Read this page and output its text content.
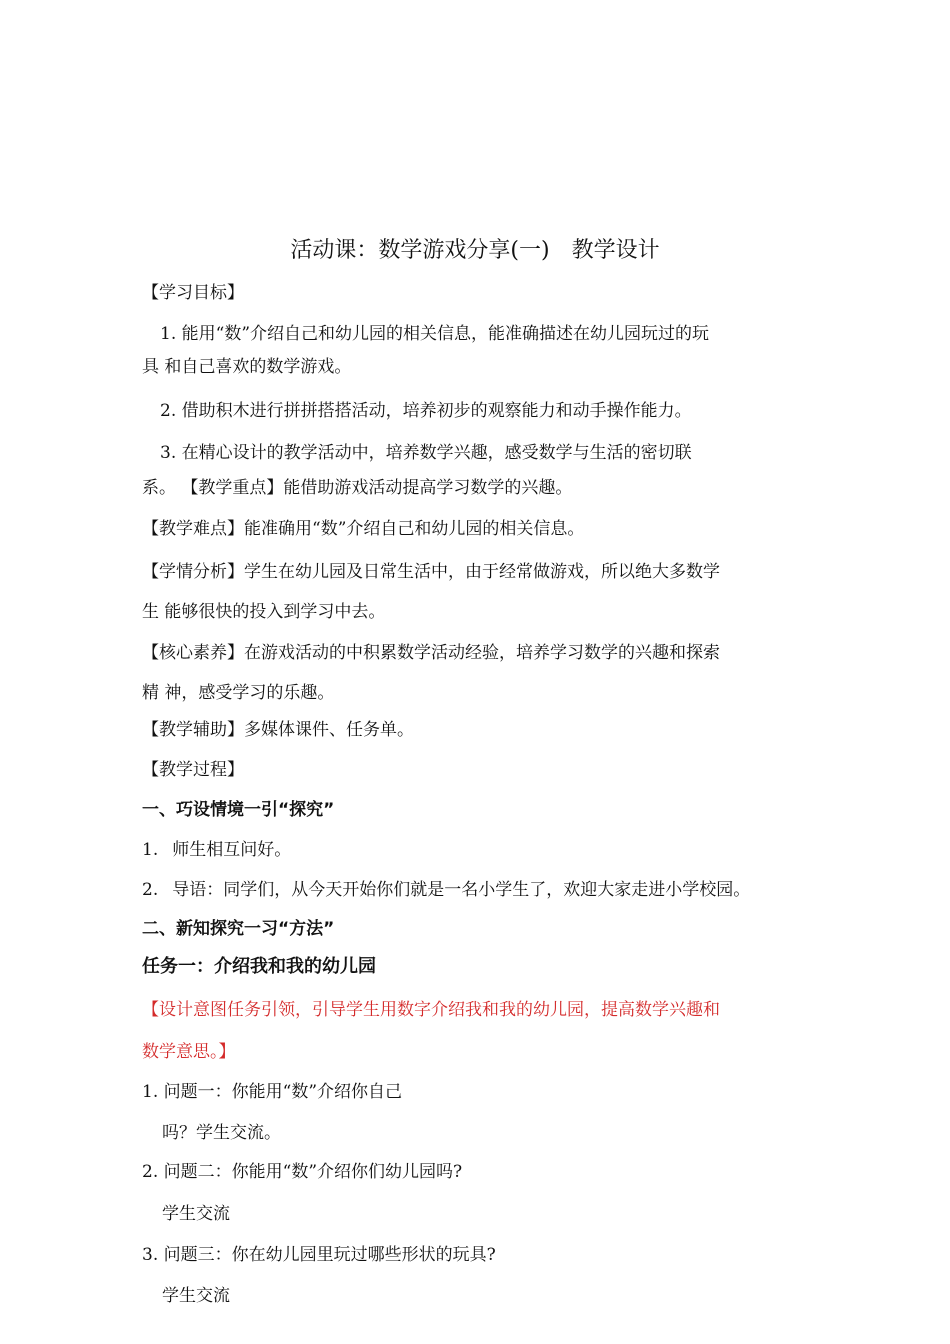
活动课：数学游戏分享(一)　教学设计
【学习目标】
1. 能用“数”介绍自己和幼儿园的相关信息，能准确描述在幼儿园玩过的玩
具 和自己喜欢的数学游戏。
2. 借助积木进行拼拼搭搭活动，培养初步的观察能力和动手操作能力。
3. 在精心设计的教学活动中，培养数学兴趣，感受数学与生活的密切联
系。 【教学重点】能借助游戏活动提高学习数学的兴趣。
【教学难点】能准确用“数”介绍自己和幼儿园的相关信息。
【学情分析】学生在幼儿园及日常生活中，由于经常做游戏，所以绝大多数学
生 能够很快的投入到学习中去。
【核心素养】在游戏活动的中积累数学活动经验，培养学习数学的兴趣和探索
精 神，感受学习的乐趣。
【教学辅助】多媒体课件、任务单。
【教学过程】
一、巧设情境一引“探究”
1. 师生相互问好。
2. 导语：同学们，从今天开始你们就是一名小学生了，欢迎大家走进小学校园。
二、新知探究一习“方法”
任务一：介绍我和我的幼儿园
【设计意图任务引领，引导学生用数字介绍我和我的幼儿园，提高数学兴趣和
数学意思。】
1. 问题一：你能用“数”介绍你自己
吗？学生交流。
2. 问题二：你能用“数”介绍你们幼儿园吗?
学生交流
3. 问题三：你在幼儿园里玩过哪些形状的玩具?
学生交流
